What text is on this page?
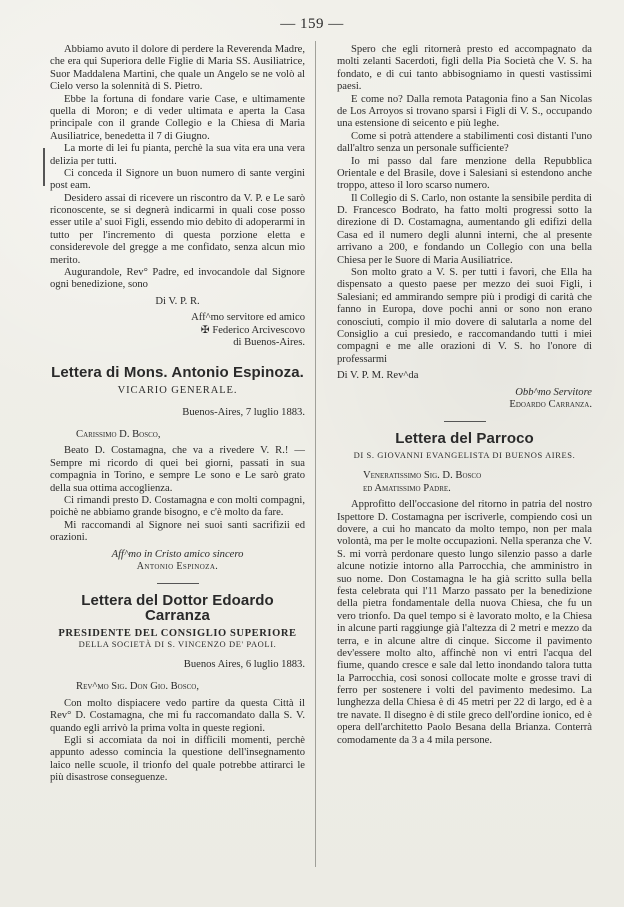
— 159 —

Abbiamo avuto il dolore di perdere la Reverenda Madre, che era qui Superiora delle Figlie di Maria SS. Ausiliatrice, Suor Maddalena Martini, che quale un Angelo se ne volò al Cielo verso la solennità di S. Pietro.

Ebbe la fortuna di fondare varie Case, e ultimamente quella di Moron; e di veder ultimata e aperta la Casa principale con il grande Collegio e la Chiesa di Maria Ausiliatrice, benedetta il 7 di Giugno.

La morte di lei fu pianta, perchè la sua vita era una vera delizia per tutti.

Ci conceda il Signore un buon numero di sante vergini post eam.

Desidero assai di ricevere un riscontro da V. P. e Le sarò riconoscente, se si degnerà indicarmi in quali cose posso esser utile a' suoi Figli, essendo mio debito di adoperarmi in tutto per l'incremento di questa porzione eletta e considerevole del gregge a me confidato, senza alcun mio merito.

Augurandole, Rev° Padre, ed invocandole dal Signore ogni benedizione, sono

Di V. P. R.

Aff^mo servitore ed amico

✠ Federico Arcivescovo

di Buenos-Aires.

Lettera di Mons. Antonio Espinoza.

VICARIO GENERALE.

Buenos-Aires, 7 luglio 1883.

Carissimo D. Bosco,

Beato D. Costamagna, che va a rivedere V. R.! — Sempre mi ricordo di quei bei giorni, passati in sua compagnia in Torino, e sempre Le sono e Le sarò grato della sua ottima accoglienza.

Ci rimandi presto D. Costamagna e con molti compagni, poichè ne abbiamo grande bisogno, e c'è molto da fare.

Mi raccomandi al Signore nei suoi santi sacrifizii ed orazioni.

Aff^mo in Cristo amico sincero

Antonio Espinoza.

Lettera del Dottor Edoardo Carranza

PRESIDENTE DEL CONSIGLIO SUPERIORE

DELLA SOCIETÀ DI S. VINCENZO DE' PAOLI.

Buenos Aires, 6 luglio 1883.

Rev^mo Sig. Don Gio. Bosco,

Con molto dispiacere vedo partire da questa Città il Rev° D. Costamagna, che mi fu raccomandato dalla S. V. quando egli arrivò la prima volta in queste regioni.

Egli si accomiata da noi in difficili momenti, perchè appunto adesso comincia la questione dell'insegnamento laico nelle scuole, il trionfo del quale potrebbe attirarci le più disastrose conseguenze.

Spero che egli ritornerà presto ed accompagnato da molti zelanti Sacerdoti, figli della Pia Società che V. S. ha fondato, e di cui tanto abbisogniamo in questi vastissimi paesi.

E come no? Dalla remota Patagonia fino a San Nicolas de Los Arroyos si trovano sparsi i Figli di V. S., occupando una estensione di seicento e più leghe.

Come si potrà attendere a stabilimenti così distanti l'uno dall'altro senza un personale sufficiente?

Io mi passo dal fare menzione della Repubblica Orientale e del Brasile, dove i Salesiani si estendono anche troppo, atteso il loro scarso numero.

Il Collegio di S. Carlo, non ostante la sensibile perdita di D. Francesco Bodrato, ha fatto molti progressi sotto la direzione di D. Costamagna, aumentando gli edifizi della Casa ed il numero degli alunni interni, che al presente arrivano a 200, e fondando un Collegio con una bella Chiesa per le Suore di Maria Ausiliatrice.

Son molto grato a V. S. per tutti i favori, che Ella ha dispensato a questo paese per mezzo dei suoi Figli, i Salesiani; ed ammirando sempre più i prodigi di carità che fanno in Europa, dove pochi anni or sono non erano conosciuti, compio il mio dovere di salutarla a nome del Consiglio a cui presiedo, e raccomandando tutti i miei compagni e me alle orazioni di V. S. ho l'onore di professarmi

Di V. P. M. Rev^da

Obb^mo Servitore

Edoardo Carranza.

Lettera del Parroco

DI S. GIOVANNI EVANGELISTA DI BUENOS AIRES.

Veneratissimo Sig. D. Bosco

ed Amatissimo Padre.

Approfitto dell'occasione del ritorno in patria del nostro Ispettore D. Costamagna per iscriverle, compiendo così un dovere, a cui ho mancato da molto tempo, non per mala volontà, ma per le molte occupazioni. Nella speranza che V. S. mi vorrà perdonare questo lungo silenzio passo a darle alcune notizie intorno alla Parrocchia, che amministro in suo nome. Don Costamagna le ha già scritto sulla bella festa celebrata qui l'11 Marzo passato per la benedizione della pietra fondamentale della nuova Chiesa, che fu un vero trionfo. Da quel tempo si è lavorato molto, e la Chiesa in alcune parti raggiunge già l'altezza di 2 metri e mezzo da terra, e in alcune altre di cinque. Siccome il pavimento dev'essere molto alto, affinchè non vi entri l'acqua del fiume, quando cresce e sale dal letto inondando talora tutta la Parrocchia, così sonosi collocate molte e grosse travi di ferro per sostenere i volti del pavimento medesimo. La lunghezza della Chiesa è di 45 metri per 22 di largo, ed è a tre navate. Il disegno è di stile greco dell'ordine ionico, ed è opera dell'architetto Paolo Besana della Brianza. Conterrà comodamente da 3 a 4 mila persone.
